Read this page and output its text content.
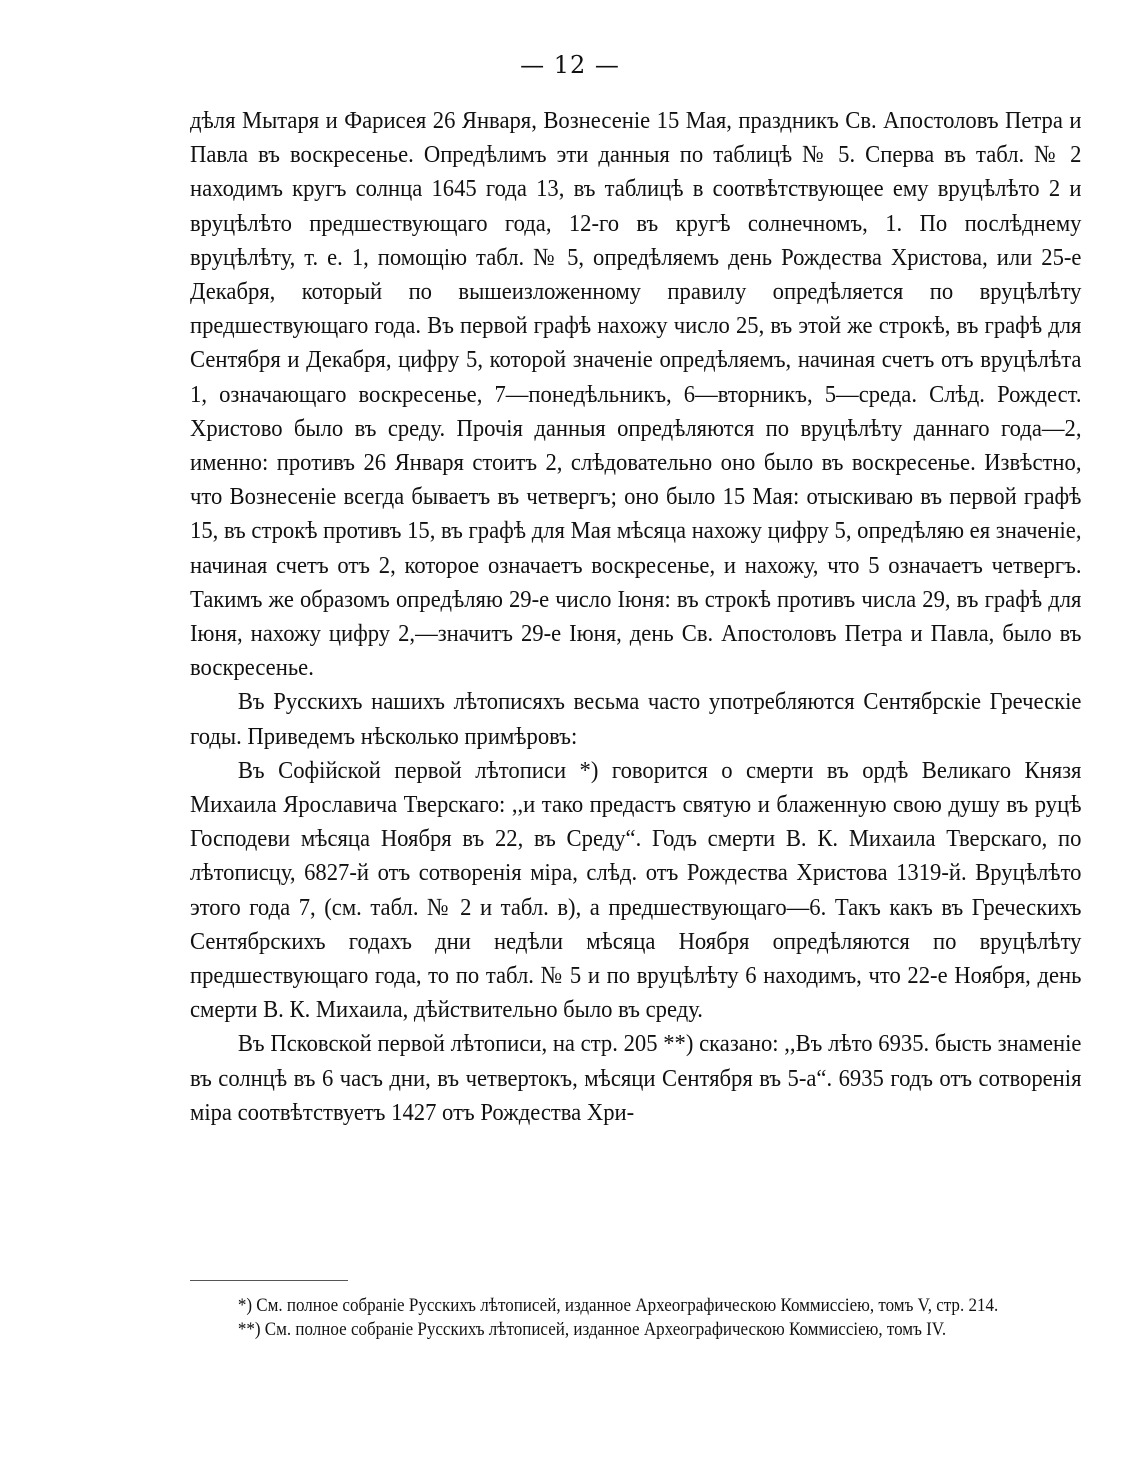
— 12 —

дѣля Мытаря и Фарисея 26 Января, Вознесеніе 15 Мая, праздникъ Св. Апостоловъ Петра и Павла въ воскресенье. Опредѣлимъ эти данныя по таблицѣ № 5. Сперва въ табл. № 2 находимъ кругъ солнца 1645 года 13, въ таблицѣ в соотвѣтствующее ему вруцѣлѣто 2 и вруцѣлѣто предшествующаго года, 12-го въ кругѣ солнечномъ, 1. По послѣднему вруцѣлѣту, т. е. 1, помощію табл. № 5, опредѣляемъ день Рождества Христова, или 25-е Декабря, который по вышеизложенному правилу опредѣляется по вруцѣлѣту предшествующаго года. Въ первой графѣ нахожу число 25, въ этой же строкѣ, въ графѣ для Сентября и Декабря, цифру 5, которой значеніе опредѣляемъ, начиная счетъ отъ вруцѣлѣта 1, означающаго воскресенье, 7—понедѣльникъ, 6—вторникъ, 5—среда. Слѣд. Рождест. Христово было въ среду. Прочія данныя опредѣляются по вруцѣлѣту даннаго года—2, именно: противъ 26 Января стоитъ 2, слѣдовательно оно было въ воскресенье. Извѣстно, что Вознесеніе всегда бываетъ въ четвергъ; оно было 15 Мая: отыскиваю въ первой графѣ 15, въ строкѣ противъ 15, въ графѣ для Мая мѣсяца нахожу цифру 5, опредѣляю ея значеніе, начиная счетъ отъ 2, которое означаетъ воскресенье, и нахожу, что 5 означаетъ четвергъ. Такимъ же образомъ опредѣляю 29-е число Іюня: въ строкѣ противъ числа 29, въ графѣ для Іюня, нахожу цифру 2,—значитъ 29-е Іюня, день Св. Апостоловъ Петра и Павла, было въ воскресенье.

Въ Русскихъ нашихъ лѣтописяхъ весьма часто употребляются Сентябрскіе Греческіе годы. Приведемъ нѣсколько примѣровъ:

Въ Софійской первой лѣтописи *) говорится о смерти въ ордѣ Великаго Князя Михаила Ярославича Тверскаго: ,,и тако предастъ святую и блаженную свою душу въ руцѣ Господеви мѣсяца Ноября въ 22, въ Среду“. Годъ смерти В. К. Михаила Тверскаго, по лѣтописцу, 6827-й отъ сотворенія міра, слѣд. отъ Рождества Христова 1319-й. Вруцѣлѣто этого года 7, (см. табл. № 2 и табл. в), а предшествующаго—6. Такъ какъ въ Греческихъ Сентябрскихъ годахъ дни недѣли мѣсяца Ноября опредѣляются по вруцѣлѣту предшествующаго года, то по табл. № 5 и по вруцѣлѣту 6 находимъ, что 22-е Ноября, день смерти В. К. Михаила, дѣйствительно было въ среду.

Въ Псковской первой лѣтописи, на стр. 205 **) сказано: ,,Въ лѣто 6935. бысть знаменіе въ солнцѣ въ 6 часъ дни, въ четвертокъ, мѣсяци Сентября въ 5-а“. 6935 годъ отъ сотворенія міра соотвѣтствуетъ 1427 отъ Рождества Хри-

*) См. полное собраніе Русскихъ лѣтописей, изданное Археографическою Коммиссіею, томъ V, стр. 214.

**) См. полное собраніе Русскихъ лѣтописей, изданное Археографическою Коммиссіею, томъ IV.
